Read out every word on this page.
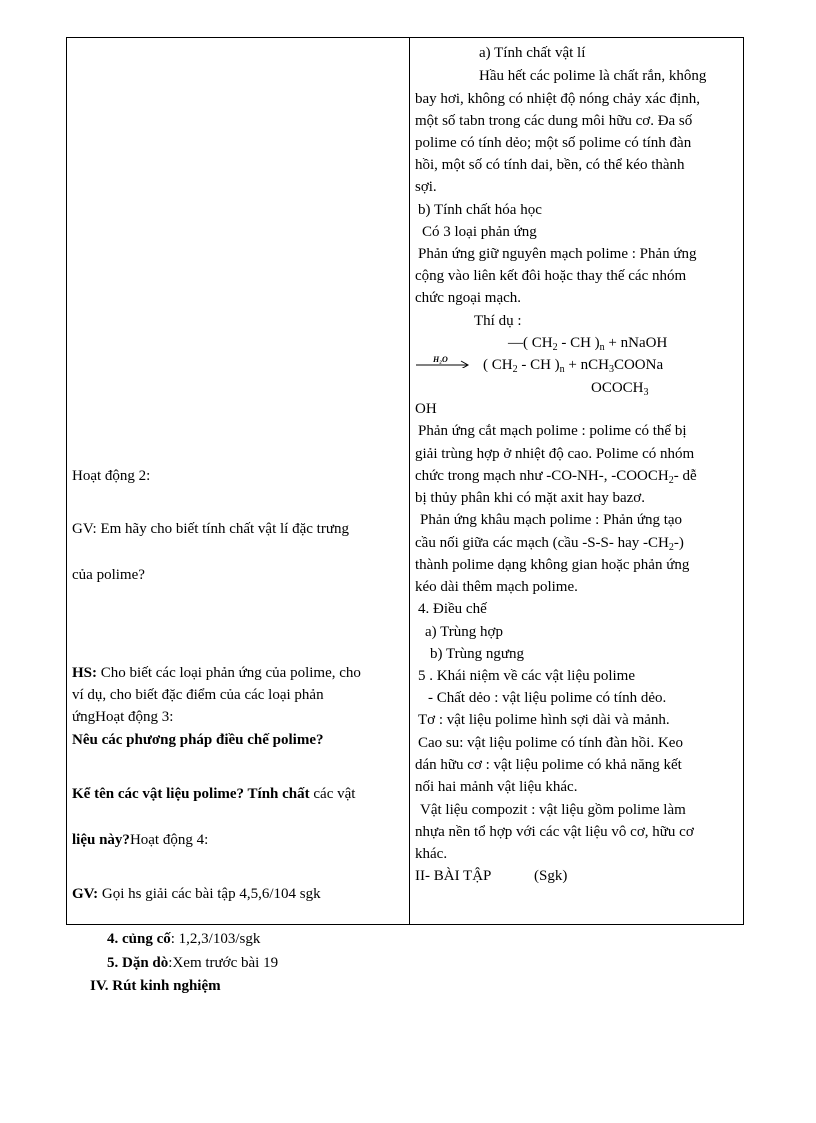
Hoạt động 2:
GV: Em hãy cho biết tính chất vật lí đặc trưng
của polime?
HS: Cho biết các loại phản ứng của polime, cho
ví dụ, cho biết đặc điểm của các loại phản
ứngHoạt động 3:
Nêu các phương pháp điều chế polime?
Kể tên các vật liệu polime? Tính chất các vật
liệu này?Hoạt động 4:
GV: Gọi hs giải các bài tập 4,5,6/104 sgk
a) Tính chất vật lí
Hầu hết các polime là chất rắn, không
bay hơi, không có nhiệt độ nóng chảy xác định,
một số tabn trong các dung môi hữu cơ. Đa số
polime có tính dẻo; một số polime có tính đàn
hồi, một số có tính dai, bền, có thể kéo thành
sợi.
b) Tính chất hóa học
Có 3 loại phản ứng
Phản ứng giữ nguyên mạch polime : Phản ứng
cộng vào liên kết đôi hoặc thay thế các nhóm
chức ngoại mạch.
Thí dụ :
—( $CH_2$ - CH )$_n$ + nNaOH
H₂O ( $CH_2$ - CH )$_n$ + nCH$_3$COONa
$OCOCH_3$
OH
Phản ứng cắt mạch polime : polime có thể bị
giải trùng hợp ở nhiệt độ cao. Polime có nhóm
chức trong mạch như -CO-NH-, $-COOCH_2-$ dễ
bị thủy phân khi có mặt axit hay bazơ.
Phản ứng khâu mạch polime : Phản ứng tạo
cầu nối giữa các mạch (cầu -S-S- hay $-CH_2-$)
thành polime dạng không gian hoặc phản ứng
kéo dài thêm mạch polime.
4. Điều chế
a) Trùng hợp
b) Trùng ngưng
5 . Khái niệm về các vật liệu polime
- Chất dẻo : vật liệu polime có tính dẻo.
Tơ : vật liệu polime hình sợi dài và mảnh.
Cao su: vật liệu polime có tính đàn hồi. Keo
dán hữu cơ : vật liệu polime có khả năng kết
nối hai mảnh vật liệu khác.
Vật liệu compozit : vật liệu gồm polime làm
nhựa nền tổ hợp với các vật liệu vô cơ, hữu cơ
khác.
II- BÀI TẬP	(Sgk)
4. củng cố: 1,2,3/103/sgk
5. Dặn dò:Xem trước bài 19
IV. Rút kinh nghiệm
